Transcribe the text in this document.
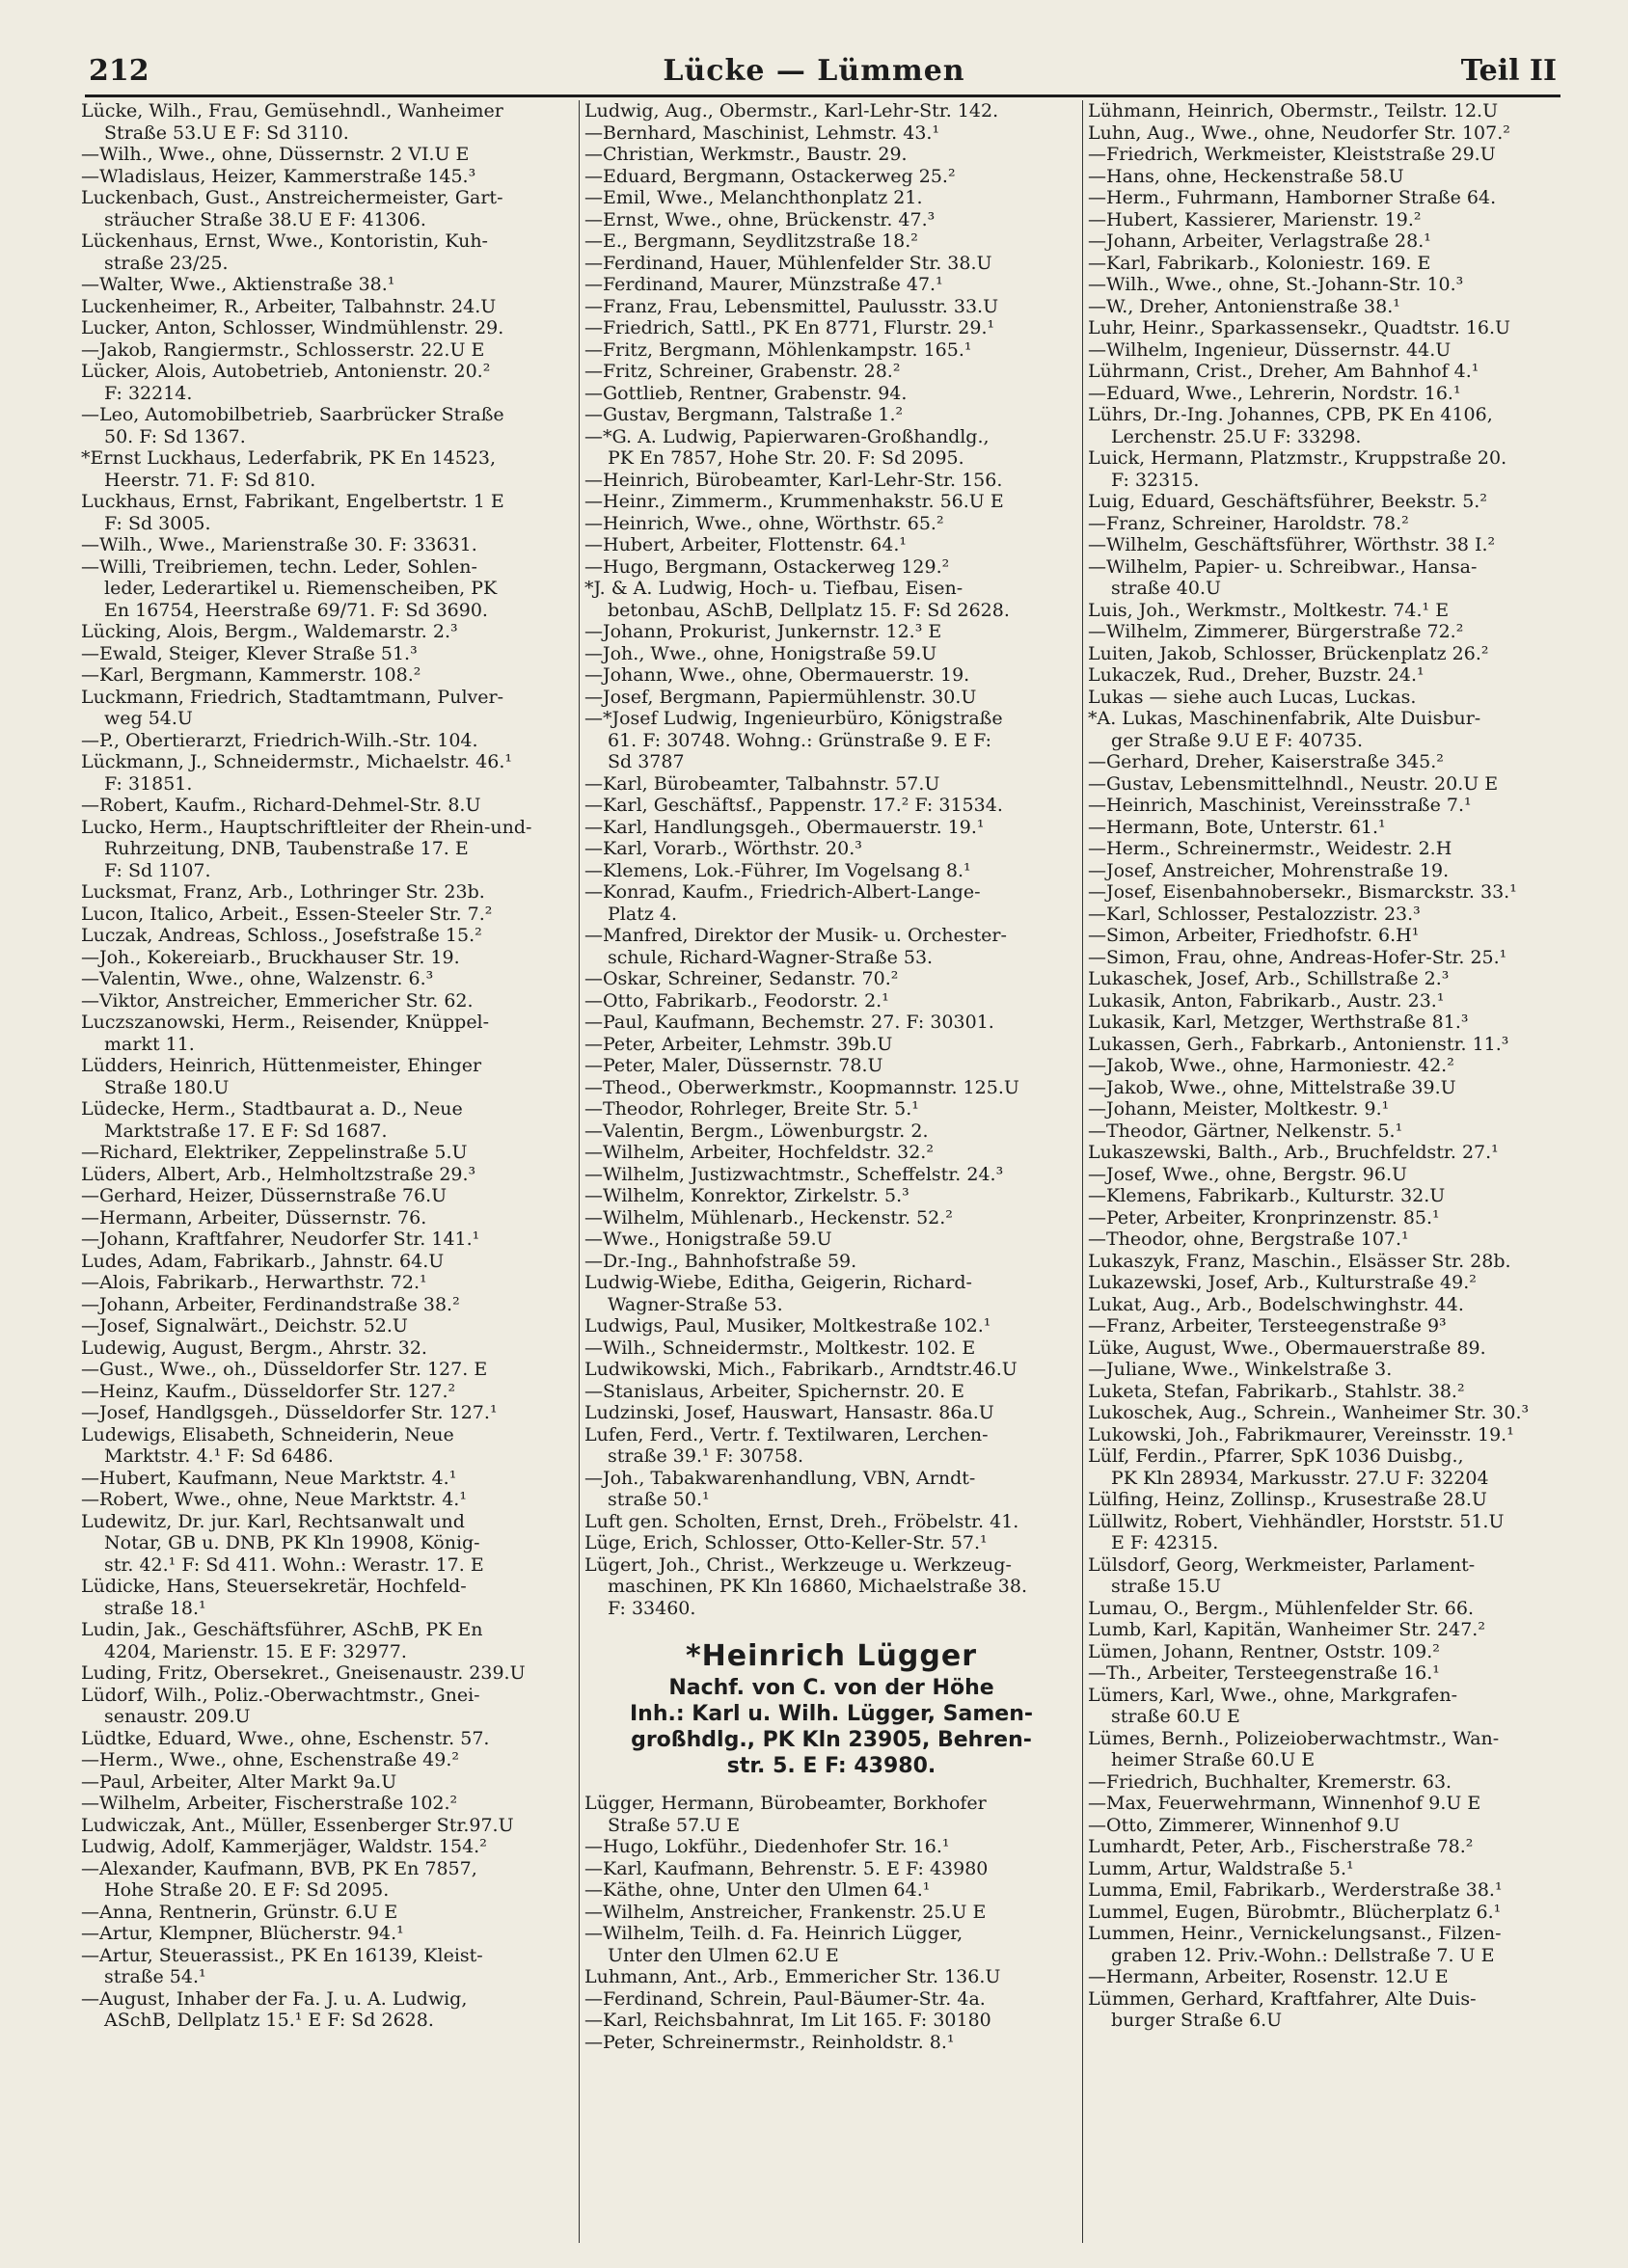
212	Lücke — Lümmen	Teil II
Lücke, Wilh., Frau, Gemüsehndl., Wanheimer
Straße 53.U E F: Sd 3110.
—Wilh., Wwe., ohne, Düssernstr. 2 VI.U E
—Wladislaus, Heizer, Kammerstraße 145.³
Luckenbach, Gust., Anstreichermeister, Gart-
sträucher Straße 38.U E F: 41306.
Lückenhaus, Ernst, Wwe., Kontoristin, Kuh-
straße 23/25.
—Walter, Wwe., Aktienstraße 38.¹
Luckenheimer, R., Arbeiter, Talbahnstr. 24.U
Lucker, Anton, Schlosser, Windmühlenstr. 29.
—Jakob, Rangiermstr., Schlosserstr. 22.U E
Lücker, Alois, Autobetrieb, Antonienstr. 20.²
F: 32214.
—Leo, Automobilbetrieb, Saarbrücker Straße
50. F: Sd 1367.
*Ernst Luckhaus, Lederfabrik, PK En 14523,
Heerstr. 71. F: Sd 810.
Luckhaus, Ernst, Fabrikant, Engelbertstr. 1 E
F: Sd 3005.
—Wilh., Wwe., Marienstraße 30. F: 33631.
—Willi, Treibriemen, techn. Leder, Sohlen-
leder, Lederartikel u. Riemenscheiben, PK
En 16754, Heerstraße 69/71. F: Sd 3690.
Lücking, Alois, Bergm., Waldemarstr. 2.³
—Ewald, Steiger, Klever Straße 51.³
—Karl, Bergmann, Kammerstr. 108.²
Luckmann, Friedrich, Stadtamtmann, Pulver-
weg 54.U
—P., Obertierarzt, Friedrich-Wilh.-Str. 104.
Lückmann, J., Schneidermstr., Michaelstr. 46.¹
F: 31851.
—Robert, Kaufm., Richard-Dehmel-Str. 8.U
Lucko, Herm., Hauptschriftleiter der Rhein-und-
Ruhrzeitung, DNB, Taubenstraße 17. E
F: Sd 1107.
Lucksmat, Franz, Arb., Lothringer Str. 23b.
Lucon, Italico, Arbeit., Essen-Steeler Str. 7.²
Luczak, Andreas, Schloss., Josefstraße 15.²
—Joh., Kokereiarb., Bruckhauser Str. 19.
—Valentin, Wwe., ohne, Walzenstr. 6.³
—Viktor, Anstreicher, Emmericher Str. 62.
Luczszanowski, Herm., Reisender, Knüppel-
markt 11.
Lüdders, Heinrich, Hüttenmeister, Ehinger
Straße 180.U
Lüdecke, Herm., Stadtbaurat a. D., Neue
Marktstraße 17. E F: Sd 1687.
—Richard, Elektriker, Zeppelinstraße 5.U
Lüders, Albert, Arb., Helmholtzstraße 29.³
—Gerhard, Heizer, Düssernstraße 76.U
—Hermann, Arbeiter, Düssernstr. 76.
—Johann, Kraftfahrer, Neudorfer Str. 141.¹
Ludes, Adam, Fabrikarb., Jahnstr. 64.U
—Alois, Fabrikarb., Herwarthstr. 72.¹
—Johann, Arbeiter, Ferdinandstraße 38.²
—Josef, Signalwärt., Deichstr. 52.U
Ludewig, August, Bergm., Ahrstr. 32.
—Gust., Wwe., oh., Düsseldorfer Str. 127. E
—Heinz, Kaufm., Düsseldorfer Str. 127.²
—Josef, Handlgsgeh., Düsseldorfer Str. 127.¹
Ludewigs, Elisabeth, Schneiderin, Neue
Marktstr. 4.¹ F: Sd 6486.
—Hubert, Kaufmann, Neue Marktstr. 4.¹
—Robert, Wwe., ohne, Neue Marktstr. 4.¹
Ludewitz, Dr. jur. Karl, Rechtsanwalt und
Notar, GB u. DNB, PK Kln 19908, König-
str. 42.¹ F: Sd 411. Wohn.: Werastr. 17. E
Lüdicke, Hans, Steuersekretär, Hochfeld-
straße 18.¹
Ludin, Jak., Geschäftsführer, ASchB, PK En
4204, Marienstr. 15. E F: 32977.
Luding, Fritz, Obersekret., Gneisenaustr. 239.U
Lüdorf, Wilh., Poliz.-Oberwachtmstr., Gnei-
senaustr. 209.U
Lüdtke, Eduard, Wwe., ohne, Eschenstr. 57.
—Herm., Wwe., ohne, Eschenstraße 49.²
—Paul, Arbeiter, Alter Markt 9a.U
—Wilhelm, Arbeiter, Fischerstraße 102.²
Ludwiczak, Ant., Müller, Essenberger Str.97.U
Ludwig, Adolf, Kammerjäger, Waldstr. 154.²
—Alexander, Kaufmann, BVB, PK En 7857,
Hohe Straße 20. E F: Sd 2095.
—Anna, Rentnerin, Grünstr. 6.U E
—Artur, Klempner, Blücherstr. 94.¹
—Artur, Steuerassist., PK En 16139, Kleist-
straße 54.¹
—August, Inhaber der Fa. J. u. A. Ludwig,
ASchB, Dellplatz 15.¹ E F: Sd 2628.
Ludwig, Aug., Obermstr., Karl-Lehr-Str. 142.
—Bernhard, Maschinist, Lehmstr. 43.¹
—Christian, Werkmstr., Baustr. 29.
—Eduard, Bergmann, Ostackerweg 25.²
—Emil, Wwe., Melanchthonplatz 21.
—Ernst, Wwe., ohne, Brückenstr. 47.³
—E., Bergmann, Seydlitzstraße 18.²
—Ferdinand, Hauer, Mühlenfelder Str. 38.U
—Ferdinand, Maurer, Münzstraße 47.¹
—Franz, Frau, Lebensmittel, Paulusstr. 33.U
—Friedrich, Sattl., PK En 8771, Flurstr. 29.¹
—Fritz, Bergmann, Möhlenkampstr. 165.¹
—Fritz, Schreiner, Grabenstr. 28.²
—Gottlieb, Rentner, Grabenstr. 94.
—Gustav, Bergmann, Talstraße 1.²
—*G. A. Ludwig, Papierwaren-Großhandlg.,
PK En 7857, Hohe Str. 20. F: Sd 2095.
—Heinrich, Bürobeamter, Karl-Lehr-Str. 156.
—Heinr., Zimmerm., Krummenhakstr. 56.U E
—Heinrich, Wwe., ohne, Wörthstr. 65.²
—Hubert, Arbeiter, Flottenstr. 64.¹
—Hugo, Bergmann, Ostackerweg 129.²
*J. & A. Ludwig, Hoch- u. Tiefbau, Eisen-
betonbau, ASchB, Dellplatz 15. F: Sd 2628.
—Johann, Prokurist, Junkernstr. 12.³ E
—Joh., Wwe., ohne, Honigstraße 59.U
—Johann, Wwe., ohne, Obermauerstr. 19.
—Josef, Bergmann, Papiermühlenstr. 30.U
—*Josef Ludwig, Ingenieurbüro, Königstraße
61. F: 30748. Wohng.: Grünstraße 9. E F:
Sd 3787
—Karl, Bürobeamter, Talbahnstr. 57.U
—Karl, Geschäftsf., Pappenstr. 17.² F: 31534.
—Karl, Handlungsgeh., Obermauerstr. 19.¹
—Karl, Vorarb., Wörthstr. 20.³
—Klemens, Lok.-Führer, Im Vogelsang 8.¹
—Konrad, Kaufm., Friedrich-Albert-Lange-
Platz 4.
—Manfred, Direktor der Musik- u. Orchester-
schule, Richard-Wagner-Straße 53.
—Oskar, Schreiner, Sedanstr. 70.²
—Otto, Fabrikarb., Feodorstr. 2.¹
—Paul, Kaufmann, Bechemstr. 27. F: 30301.
—Peter, Arbeiter, Lehmstr. 39b.U
—Peter, Maler, Düssernstr. 78.U
—Theod., Oberwerkmstr., Koopmannstr. 125.U
—Theodor, Rohrleger, Breite Str. 5.¹
—Valentin, Bergm., Löwenburgstr. 2.
—Wilhelm, Arbeiter, Hochfeldstr. 32.²
—Wilhelm, Justizwachtmstr., Scheffelstr. 24.³
—Wilhelm, Konrektor, Zirkelstr. 5.³
—Wilhelm, Mühlenarb., Heckenstr. 52.²
—Wwe., Honigstraße 59.U
—Dr.-Ing., Bahnhofstraße 59.
Ludwig-Wiebe, Editha, Geigerin, Richard-
Wagner-Straße 53.
Ludwigs, Paul, Musiker, Moltkestraße 102.¹
—Wilh., Schneidermstr., Moltkestr. 102. E
Ludwikowski, Mich., Fabrikarb., Arndtstr.46.U
—Stanislaus, Arbeiter, Spichernstr. 20. E
Ludzinski, Josef, Hauswart, Hansastr. 86a.U
Lufen, Ferd., Vertr. f. Textilwaren, Lerchen-
straße 39.¹ F: 30758.
—Joh., Tabakwarenhandlung, VBN, Arndt-
straße 50.¹
Luft gen. Scholten, Ernst, Dreh., Fröbelstr. 41.
Lüge, Erich, Schlosser, Otto-Keller-Str. 57.¹
Lügert, Joh., Christ., Werkzeuge u. Werkzeug-
maschinen, PK Kln 16860, Michaelstraße 38.
F: 33460.
*Heinrich Lügger
Nachf. von C. von der Höhe
Inh.: Karl u. Wilh. Lügger, Samen-
großhdlg., PK Kln 23905, Behren-
str. 5. E F: 43980.
Lügger, Hermann, Bürobeamter, Borkhofer
Straße 57.U E
—Hugo, Lokführ., Diedenhofer Str. 16.¹
—Karl, Kaufmann, Behrenstr. 5. E F: 43980
—Käthe, ohne, Unter den Ulmen 64.¹
—Wilhelm, Anstreicher, Frankenstr. 25.U E
—Wilhelm, Teilh. d. Fa. Heinrich Lügger,
Unter den Ulmen 62.U E
Luhmann, Ant., Arb., Emmericher Str. 136.U
—Ferdinand, Schrein, Paul-Bäumer-Str. 4a.
—Karl, Reichsbahnrat, Im Lit 165. F: 30180
—Peter, Schreinermstr., Reinholdstr. 8.¹
Lühmann, Heinrich, Obermstr., Teilstr. 12.U
Luhn, Aug., Wwe., ohne, Neudorfer Str. 107.²
—Friedrich, Werkmeister, Kleiststraße 29.U
—Hans, ohne, Heckenstraße 58.U
—Herm., Fuhrmann, Hamborner Straße 64.
—Hubert, Kassierer, Marienstr. 19.²
—Johann, Arbeiter, Verlagstraße 28.¹
—Karl, Fabrikarb., Koloniestr. 169. E
—Wilh., Wwe., ohne, St.-Johann-Str. 10.³
—W., Dreher, Antonienstraße 38.¹
Luhr, Heinr., Sparkassensekr., Quadtstr. 16.U
—Wilhelm, Ingenieur, Düssernstr. 44.U
Lührmann, Crist., Dreher, Am Bahnhof 4.¹
—Eduard, Wwe., Lehrerin, Nordstr. 16.¹
Lührs, Dr.-Ing. Johannes, CPB, PK En 4106,
Lerchenstr. 25.U F: 33298.
Luick, Hermann, Platzmstr., Kruppstraße 20.
F: 32315.
Luig, Eduard, Geschäftsführer, Beekstr. 5.²
—Franz, Schreiner, Haroldstr. 78.²
—Wilhelm, Geschäftsführer, Wörthstr. 38 I.²
—Wilhelm, Papier- u. Schreibwar., Hansa-
straße 40.U
Luis, Joh., Werkmstr., Moltkestr. 74.¹ E
—Wilhelm, Zimmerer, Bürgerstraße 72.²
Luiten, Jakob, Schlosser, Brückenplatz 26.²
Lukaczek, Rud., Dreher, Buzstr. 24.¹
Lukas — siehe auch Lucas, Luckas.
*A. Lukas, Maschinenfabrik, Alte Duisbur-
ger Straße 9.U E F: 40735.
—Gerhard, Dreher, Kaiserstraße 345.²
—Gustav, Lebensmittelhndl., Neustr. 20.U E
—Heinrich, Maschinist, Vereinsstraße 7.¹
—Hermann, Bote, Unterstr. 61.¹
—Herm., Schreinermstr., Weidestr. 2.H
—Josef, Anstreicher, Mohrenstraße 19.
—Josef, Eisenbahnobersekr., Bismarckstr. 33.¹
—Karl, Schlosser, Pestalozzistr. 23.³
—Simon, Arbeiter, Friedhofstr. 6.H¹
—Simon, Frau, ohne, Andreas-Hofer-Str. 25.¹
Lukaschek, Josef, Arb., Schillstraße 2.³
Lukasik, Anton, Fabrikarb., Austr. 23.¹
Lukasik, Karl, Metzger, Werthstraße 81.³
Lukassen, Gerh., Fabrkarb., Antonienstr. 11.³
—Jakob, Wwe., ohne, Harmoniestr. 42.²
—Jakob, Wwe., ohne, Mittelstraße 39.U
—Johann, Meister, Moltkestr. 9.¹
—Theodor, Gärtner, Nelkenstr. 5.¹
Lukaszewski, Balth., Arb., Bruchfeldstr. 27.¹
—Josef, Wwe., ohne, Bergstr. 96.U
—Klemens, Fabrikarb., Kulturstr. 32.U
—Peter, Arbeiter, Kronprinzenstr. 85.¹
—Theodor, ohne, Bergstraße 107.¹
Lukaszyk, Franz, Maschin., Elsässer Str. 28b.
Lukazewski, Josef, Arb., Kulturstraße 49.²
Lukat, Aug., Arb., Bodelschwinghstr. 44.
—Franz, Arbeiter, Tersteegenstraße 9³
Lüke, August, Wwe., Obermauerstraße 89.
—Juliane, Wwe., Winkelstraße 3.
Luketa, Stefan, Fabrikarb., Stahlstr. 38.²
Lukoschek, Aug., Schrein., Wanheimer Str. 30.³
Lukowski, Joh., Fabrikmaurer, Vereinsstr. 19.¹
Lülf, Ferdin., Pfarrer, SpK 1036 Duisbg.,
PK Kln 28934, Markusstr. 27.U F: 32204
Lülfing, Heinz, Zollinsp., Krusestraße 28.U
Lüllwitz, Robert, Viehhändler, Horststr. 51.U
E F: 42315.
Lülsdorf, Georg, Werkmeister, Parlament-
straße 15.U
Lumau, O., Bergm., Mühlenfelder Str. 66.
Lumb, Karl, Kapitän, Wanheimer Str. 247.²
Lümen, Johann, Rentner, Oststr. 109.²
—Th., Arbeiter, Tersteegenstraße 16.¹
Lümers, Karl, Wwe., ohne, Markgrafen-
straße 60.U E
Lümes, Bernh., Polizeioberwachtmstr., Wan-
heimer Straße 60.U E
—Friedrich, Buchhalter, Kremerstr. 63.
—Max, Feuerwehrmann, Winnenhof 9.U E
—Otto, Zimmerer, Winnenhof 9.U
Lumhardt, Peter, Arb., Fischerstraße 78.²
Lumm, Artur, Waldstraße 5.¹
Lumma, Emil, Fabrikarb., Werderstraße 38.¹
Lummel, Eugen, Bürobmtr., Blücherplatz 6.¹
Lummen, Heinr., Vernickelungsanst., Filzen-
graben 12. Priv.-Wohn.: Dellstraße 7. U E
—Hermann, Arbeiter, Rosenstr. 12.U E
Lümmen, Gerhard, Kraftfahrer, Alte Duis-
burger Straße 6.U
